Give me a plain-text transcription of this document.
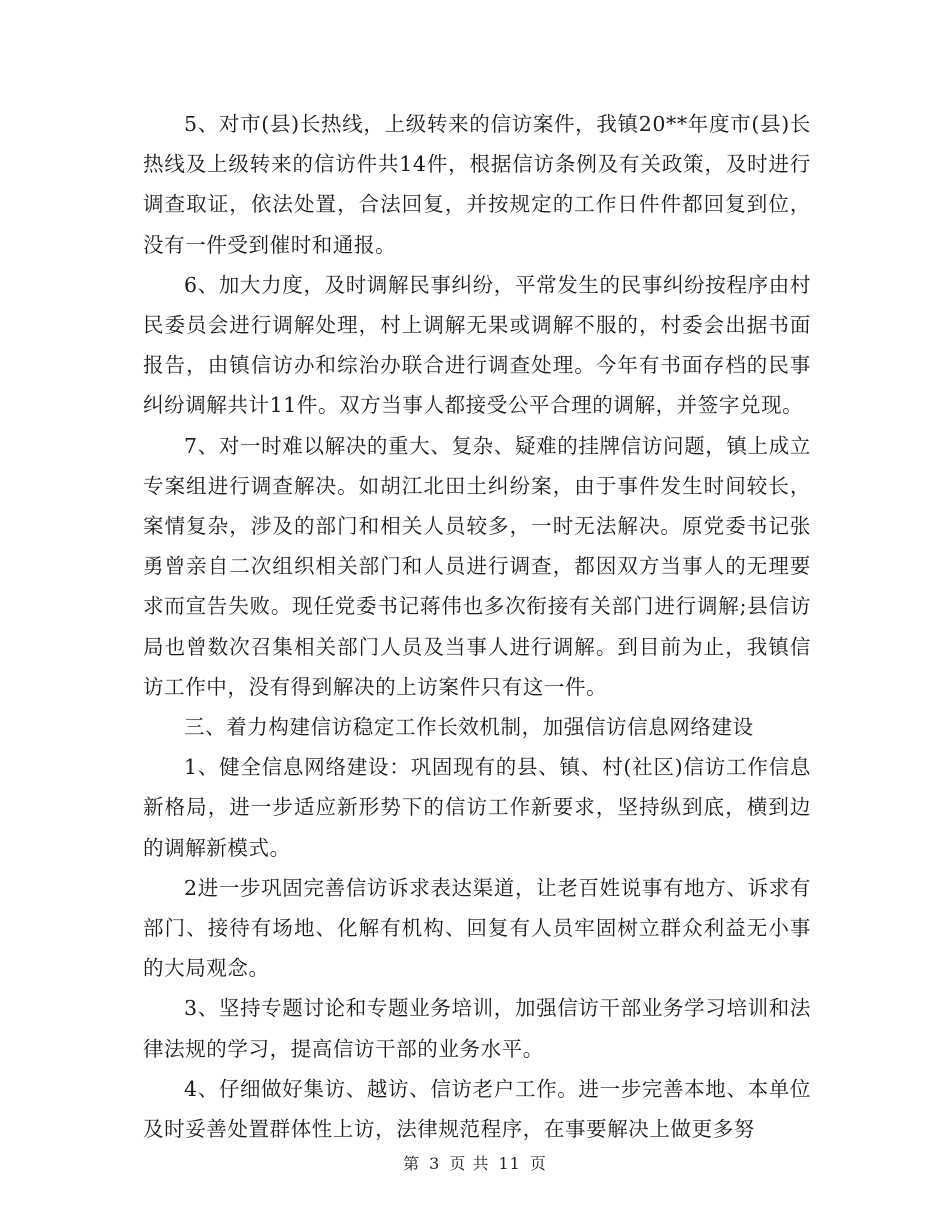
5、对市(县)长热线，上级转来的信访案件，我镇20**年度市(县)长热线及上级转来的信访件共14件，根据信访条例及有关政策，及时进行调查取证，依法处置，合法回复，并按规定的工作日件件都回复到位，没有一件受到催时和通报。

6、加大力度，及时调解民事纠纷，平常发生的民事纠纷按程序由村民委员会进行调解处理，村上调解无果或调解不服的，村委会出据书面报告，由镇信访办和综治办联合进行调查处理。今年有书面存档的民事纠纷调解共计11件。双方当事人都接受公平合理的调解，并签字兑现。

7、对一时难以解决的重大、复杂、疑难的挂牌信访问题，镇上成立专案组进行调查解决。如胡江北田土纠纷案，由于事件发生时间较长，案情复杂，涉及的部门和相关人员较多，一时无法解决。原党委书记张勇曾亲自二次组织相关部门和人员进行调查，都因双方当事人的无理要求而宣告失败。现任党委书记蒋伟也多次衔接有关部门进行调解;县信访局也曾数次召集相关部门人员及当事人进行调解。到目前为止，我镇信访工作中，没有得到解决的上访案件只有这一件。

三、着力构建信访稳定工作长效机制，加强信访信息网络建设

1、健全信息网络建设：巩固现有的县、镇、村(社区)信访工作信息新格局，进一步适应新形势下的信访工作新要求，坚持纵到底，横到边的调解新模式。

2进一步巩固完善信访诉求表达渠道，让老百姓说事有地方、诉求有部门、接待有场地、化解有机构、回复有人员牢固树立群众利益无小事的大局观念。

3、坚持专题讨论和专题业务培训，加强信访干部业务学习培训和法律法规的学习，提高信访干部的业务水平。

4、仔细做好集访、越访、信访老户工作。进一步完善本地、本单位及时妥善处置群体性上访，法律规范程序，在事要解决上做更多努

第 3 页 共 11 页
